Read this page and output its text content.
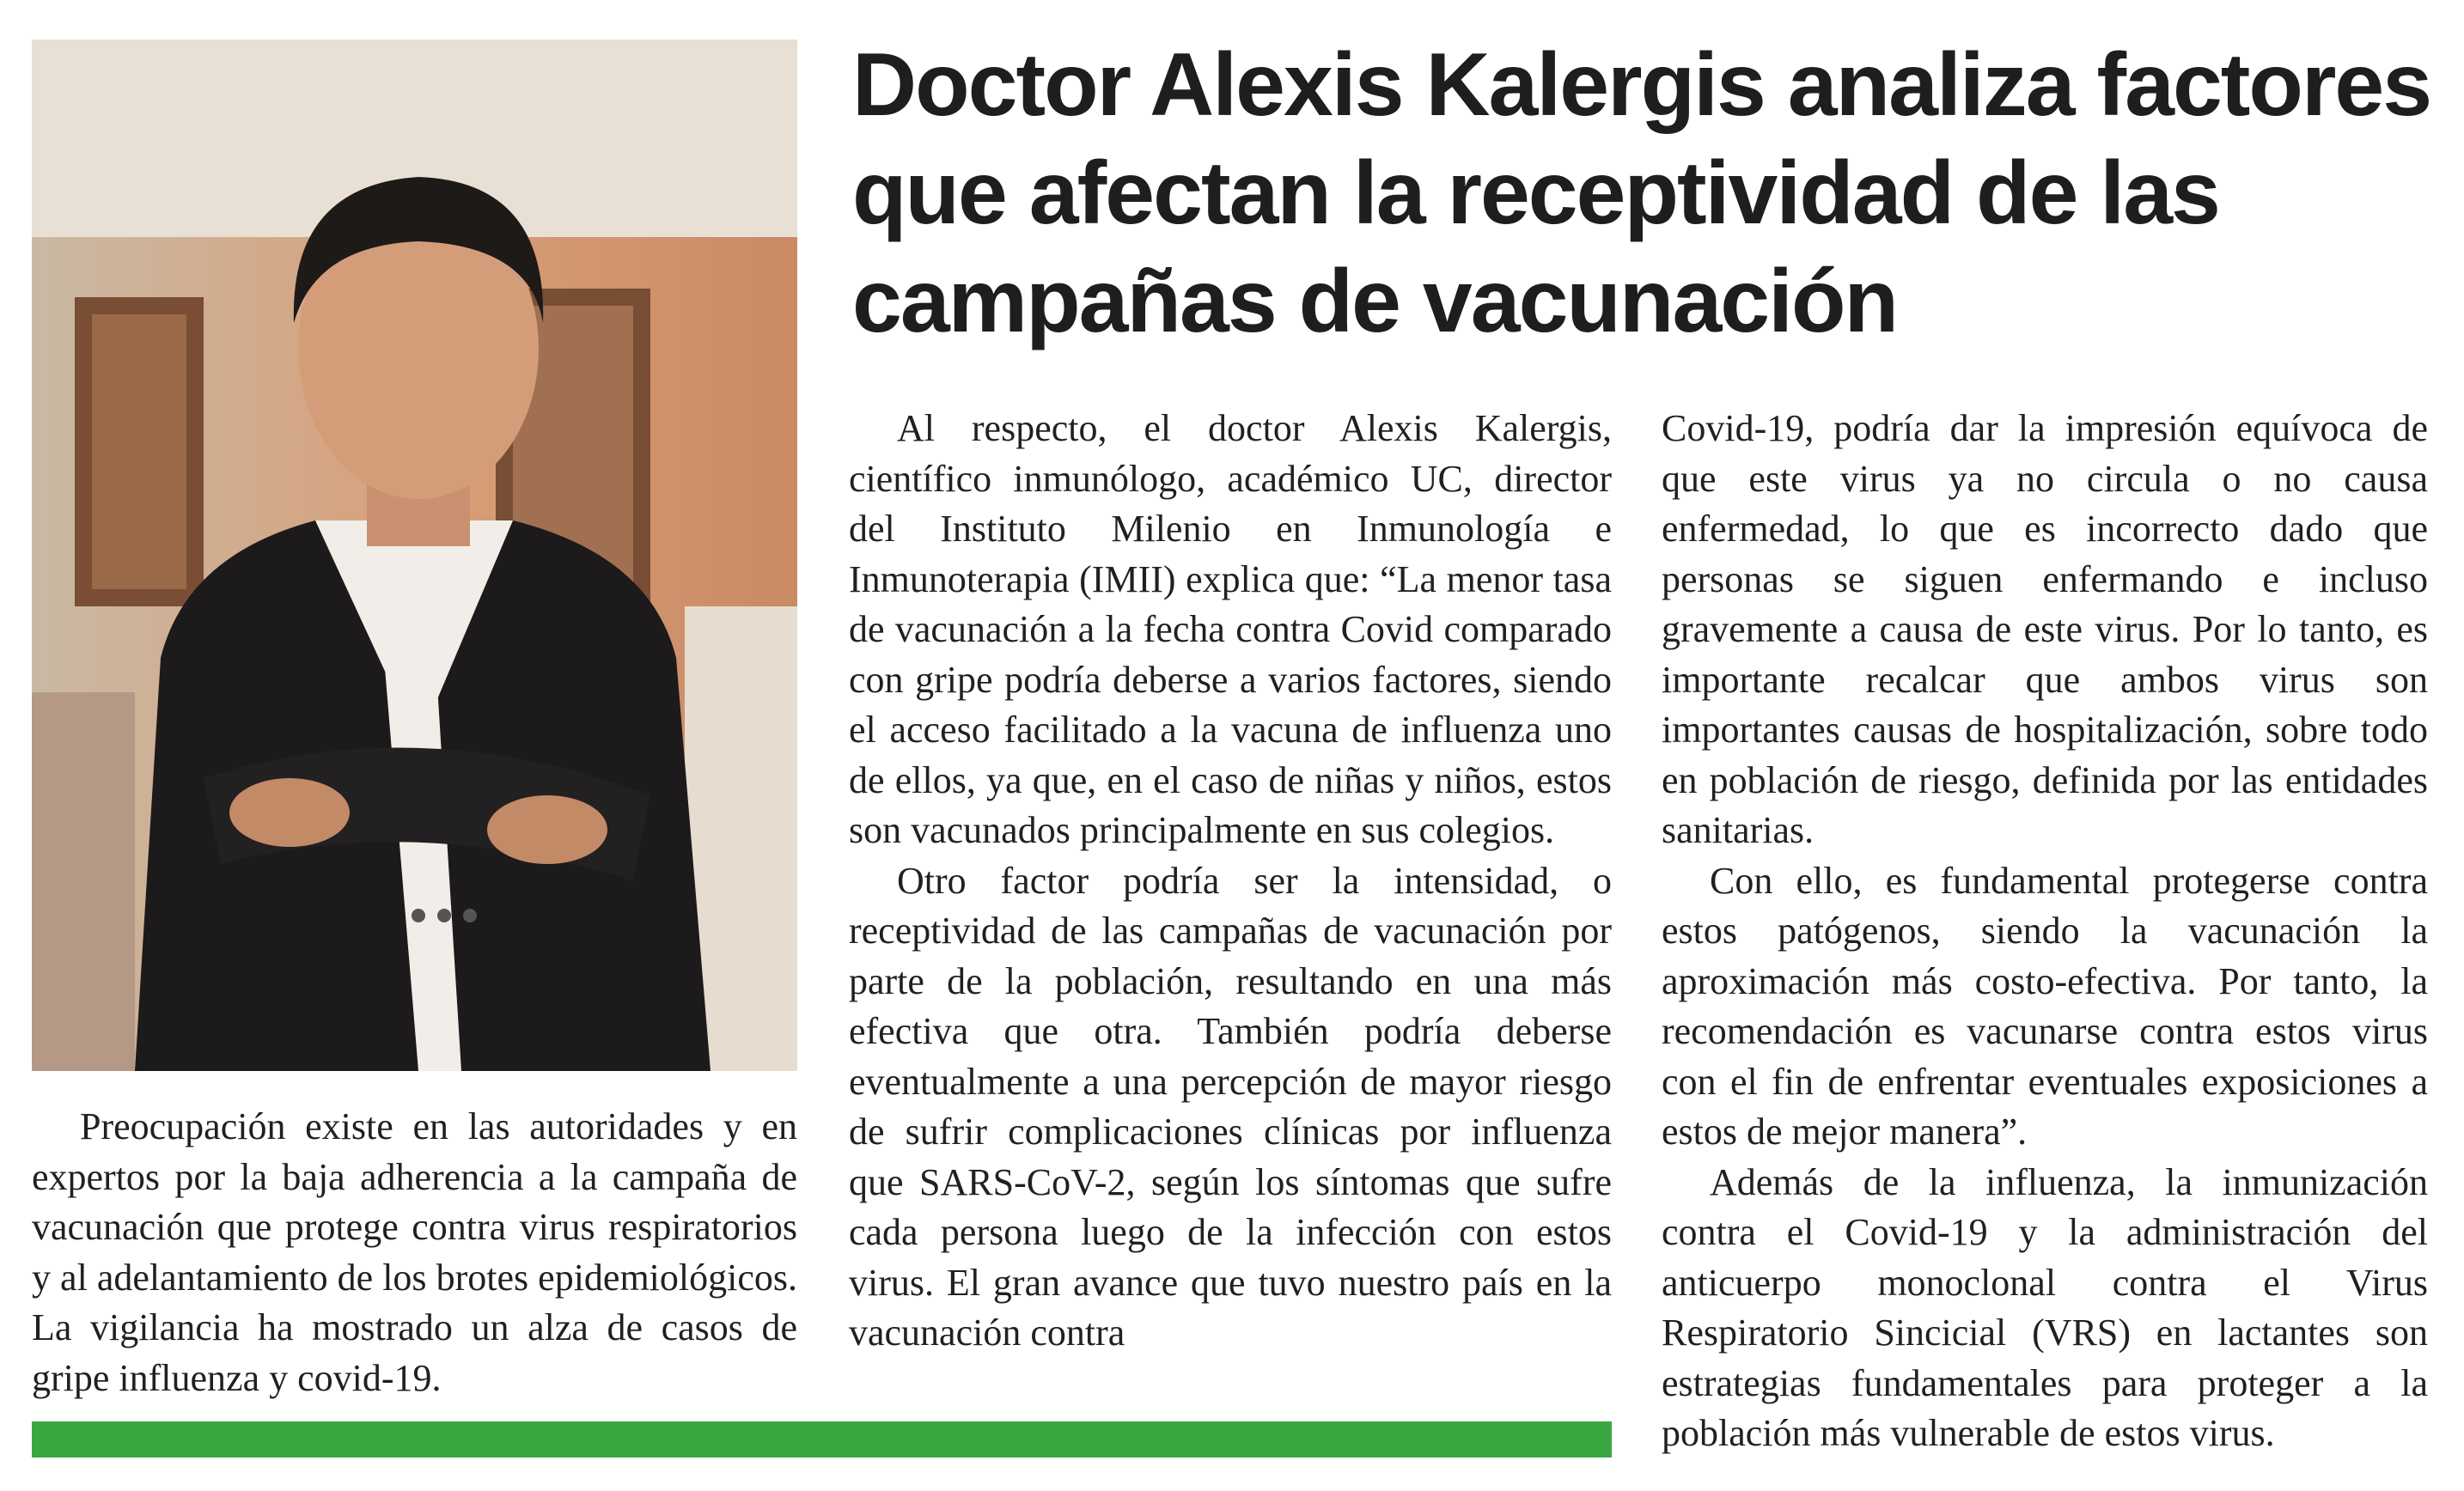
Doctor Alexis Kalergis analiza factores que afectan la receptividad de las campañas de vacunación

Preocupación existe en las autoridades y en expertos por la baja adherencia a la campaña de vacunación que protege contra virus respiratorios y al adelantamiento de los brotes epidemiológicos. La vigilancia ha mostrado un alza de casos de gripe influenza y covid-19.

Al respecto, el doctor Alexis Kalergis, científico inmunólogo, académico UC, director del Instituto Milenio en Inmunología e Inmunoterapia (IMII) explica que: “La menor tasa de vacunación a la fecha contra Covid comparado con gripe podría deberse a varios factores, siendo el acceso facilitado a la vacuna de influenza uno de ellos, ya que, en el caso de niñas y niños, estos son vacunados principalmente en sus colegios.

Otro factor podría ser la intensidad, o receptividad de las campañas de vacunación por parte de la población, resultando en una más efectiva que otra. También podría deberse eventualmente a una percepción de mayor riesgo de sufrir complicaciones clínicas por influenza que SARS-CoV-2, según los síntomas que sufre cada persona luego de la infección con estos virus. El gran avance que tuvo nuestro país en la vacunación contra

Covid-19, podría dar la impresión equívoca de que este virus ya no circula o no causa enfermedad, lo que es incorrecto dado que personas se siguen enfermando e incluso gravemente a causa de este virus. Por lo tanto, es importante recalcar que ambos virus son importantes causas de hospitalización, sobre todo en población de riesgo, definida por las entidades sanitarias.

Con ello, es fundamental protegerse contra estos patógenos, siendo la vacunación la aproximación más costo-efectiva. Por tanto, la recomendación es vacunarse contra estos virus con el fin de enfrentar eventuales exposiciones a estos de mejor manera”.

Además de la influenza, la inmunización contra el Covid-19 y la administración del anticuerpo monoclonal contra el Virus Respiratorio Sincicial (VRS) en lactantes son estrategias fundamentales para proteger a la población más vulnerable de estos virus.
